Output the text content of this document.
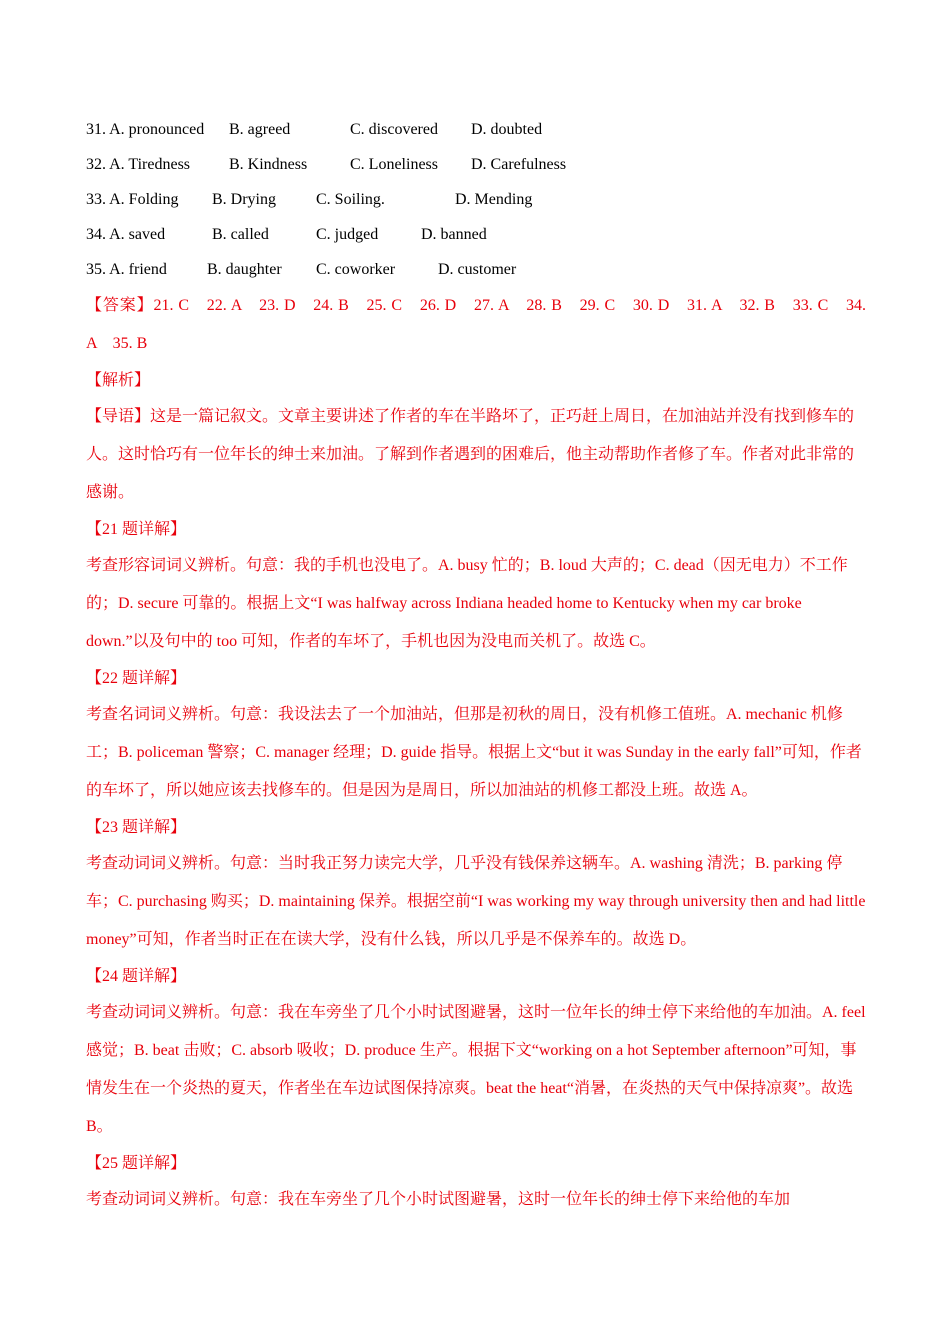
31. A. pronounced	B. agreed	C. discovered	D. doubted
32. A. Tiredness	B. Kindness	C. Loneliness	D. Carefulness
33. A. Folding	B. Drying	C. Soiling.	D. Mending
34. A. saved	B. called	C. judged	D. banned
35. A. friend	B. daughter	C. coworker	D. customer
【答案】21. C　22. A　23. D　24. B　25. C　26. D　27. A　28. B　29. C　30. D　31. A　32. B　33. C　34.
A　35. B
【解析】
【导语】这是一篇记叙文。文章主要讲述了作者的车在半路坏了，正巧赶上周日，在加油站并没有找到修车的人。这时恰巧有一位年长的绅士来加油。了解到作者遇到的困难后，他主动帮助作者修了车。作者对此非常的感谢。
【21 题详解】
考查形容词词义辨析。句意：我的手机也没电了。A. busy 忙的；B. loud 大声的；C. dead（因无电力）不工作的；D. secure 可靠的。根据上文“I was halfway across Indiana headed home to Kentucky when my car broke down.”以及句中的 too 可知，作者的车坏了，手机也因为没电而关机了。故选 C。
【22 题详解】
考查名词词义辨析。句意：我设法去了一个加油站，但那是初秋的周日，没有机修工值班。A. mechanic 机修工；B. policeman 警察；C. manager 经理；D. guide 指导。根据上文“but it was Sunday in the early fall”可知，作者的车坏了，所以她应该去找修车的。但是因为是周日，所以加油站的机修工都没上班。故选 A。
【23 题详解】
考查动词词义辨析。句意：当时我正努力读完大学，几乎没有钱保养这辆车。A. washing 清洗；B. parking 停车；C. purchasing 购买；D. maintaining 保养。根据空前“I was working my way through university then and had little money”可知，作者当时正在在读大学，没有什么钱，所以几乎是不保养车的。故选 D。
【24 题详解】
考查动词词义辨析。句意：我在车旁坐了几个小时试图避暑，这时一位年长的绅士停下来给他的车加油。A. feel 感觉；B. beat 击败；C. absorb 吸收；D. produce 生产。根据下文“working on a hot September afternoon”可知，事情发生在一个炎热的夏天，作者坐在车边试图保持凉爽。beat the heat“消暑，在炎热的天气中保持凉爽”。故选 B。
【25 题详解】
考查动词词义辨析。句意：我在车旁坐了几个小时试图避暑，这时一位年长的绅士停下来给他的车加
